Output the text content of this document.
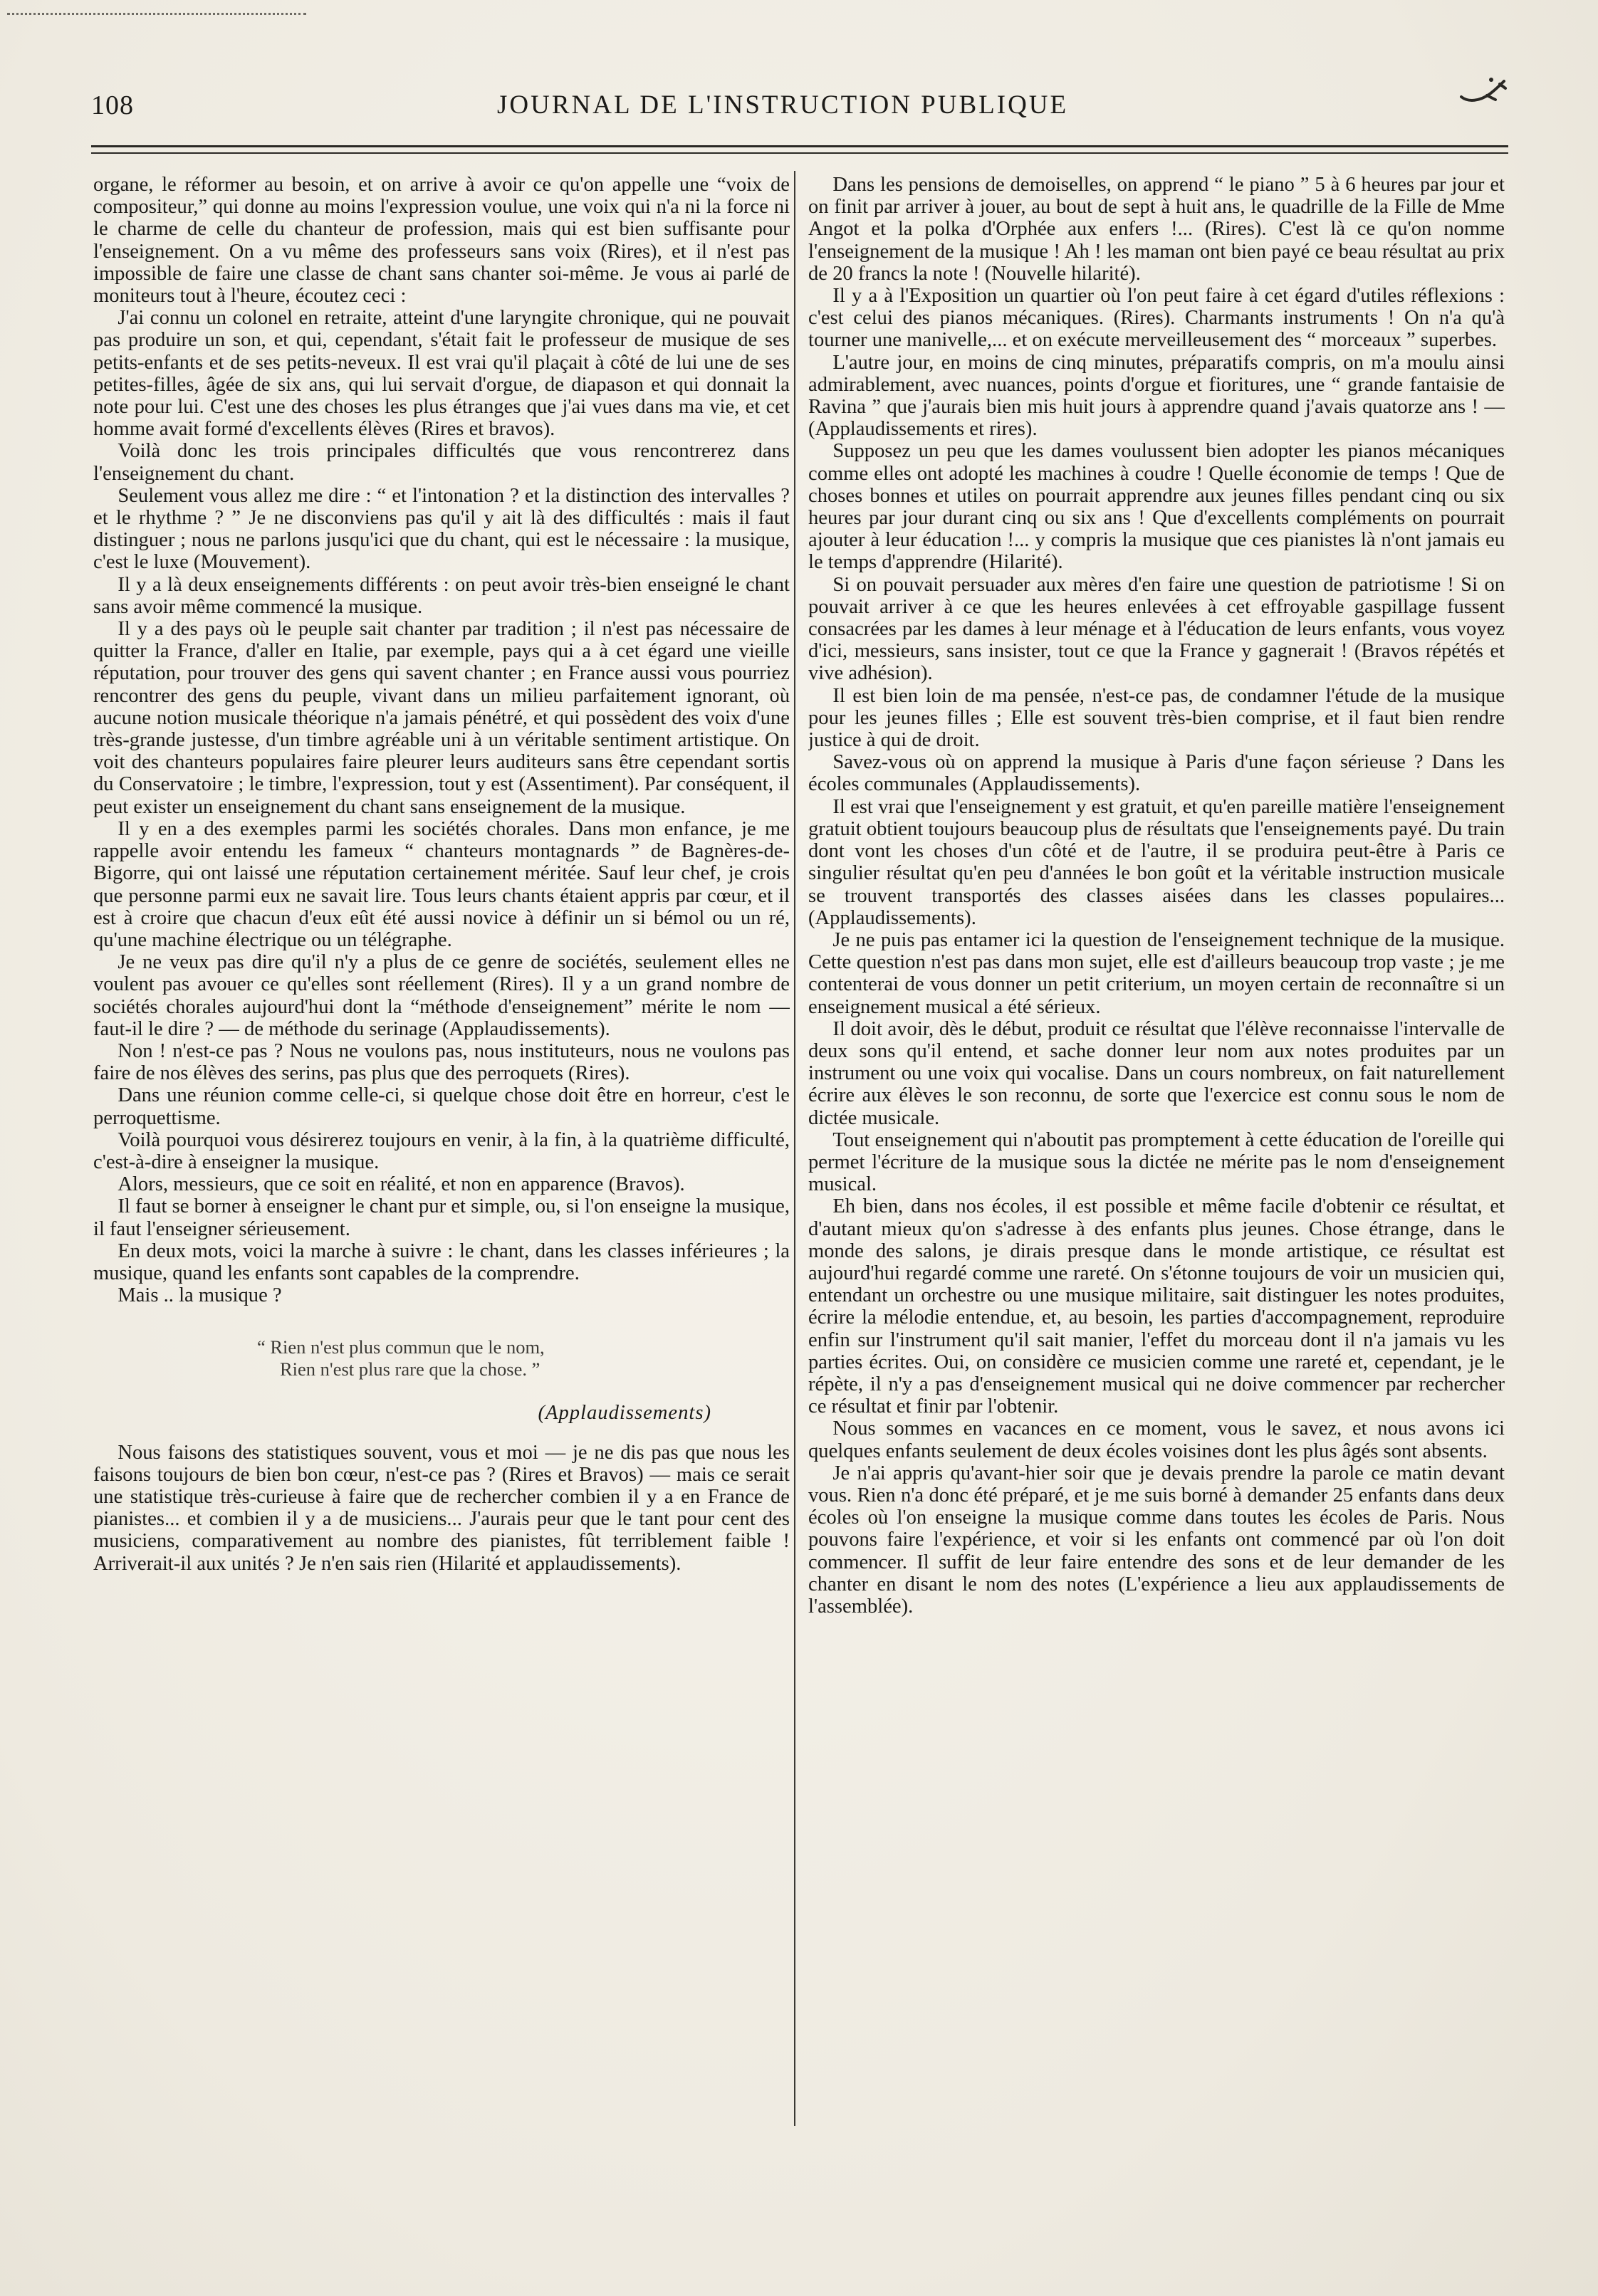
108	JOURNAL DE L'INSTRUCTION PUBLIQUE

organe, le réformer au besoin, et on arrive à avoir ce qu'on appelle une “voix de compositeur,” qui donne au moins l'expression voulue, une voix qui n'a ni la force ni le charme de celle du chanteur de profession, mais qui est bien suffisante pour l'enseignement. On a vu même des professeurs sans voix (Rires), et il n'est pas impossible de faire une classe de chant sans chanter soi-même. Je vous ai parlé de moniteurs tout à l'heure, écoutez ceci :

J'ai connu un colonel en retraite, atteint d'une laryngite chronique, qui ne pouvait pas produire un son, et qui, cependant, s'était fait le professeur de musique de ses petits-enfants et de ses petits-neveux. Il est vrai qu'il plaçait à côté de lui une de ses petites-filles, âgée de six ans, qui lui servait d'orgue, de diapason et qui donnait la note pour lui. C'est une des choses les plus étranges que j'ai vues dans ma vie, et cet homme avait formé d'excellents élèves (Rires et bravos).

Voilà donc les trois principales difficultés que vous rencontrerez dans l'enseignement du chant.

Seulement vous allez me dire : “ et l'intonation ? et la distinction des intervalles ? et le rhythme ? ” Je ne disconviens pas qu'il y ait là des difficultés : mais il faut distinguer ; nous ne parlons jusqu'ici que du chant, qui est le nécessaire : la musique, c'est le luxe (Mouvement).

Il y a là deux enseignements différents : on peut avoir très-bien enseigné le chant sans avoir même commencé la musique.

Il y a des pays où le peuple sait chanter par tradition ; il n'est pas nécessaire de quitter la France, d'aller en Italie, par exemple, pays qui a à cet égard une vieille réputation, pour trouver des gens qui savent chanter ; en France aussi vous pourriez rencontrer des gens du peuple, vivant dans un milieu parfaitement ignorant, où aucune notion musicale théorique n'a jamais pénétré, et qui possèdent des voix d'une très-grande justesse, d'un timbre agréable uni à un véritable sentiment artistique. On voit des chanteurs populaires faire pleurer leurs auditeurs sans être cependant sortis du Conservatoire ; le timbre, l'expression, tout y est (Assentiment). Par conséquent, il peut exister un enseignement du chant sans enseignement de la musique.

Il y en a des exemples parmi les sociétés chorales. Dans mon enfance, je me rappelle avoir entendu les fameux “ chanteurs montagnards ” de Bagnères-de-Bigorre, qui ont laissé une réputation certainement méritée. Sauf leur chef, je crois que personne parmi eux ne savait lire. Tous leurs chants étaient appris par cœur, et il est à croire que chacun d'eux eût été aussi novice à définir un si bémol ou un ré, qu'une machine électrique ou un télégraphe.

Je ne veux pas dire qu'il n'y a plus de ce genre de sociétés, seulement elles ne voulent pas avouer ce qu'elles sont réellement (Rires). Il y a un grand nombre de sociétés chorales aujourd'hui dont la “méthode d'enseignement” mérite le nom — faut-il le dire ? — de méthode du serinage (Applaudissements).

Non ! n'est-ce pas ? Nous ne voulons pas, nous instituteurs, nous ne voulons pas faire de nos élèves des serins, pas plus que des perroquets (Rires).

Dans une réunion comme celle-ci, si quelque chose doit être en horreur, c'est le perroquettisme.

Voilà pourquoi vous désirerez toujours en venir, à la fin, à la quatrième difficulté, c'est-à-dire à enseigner la musique.

Alors, messieurs, que ce soit en réalité, et non en apparence (Bravos).

Il faut se borner à enseigner le chant pur et simple, ou, si l'on enseigne la musique, il faut l'enseigner sérieusement.

En deux mots, voici la marche à suivre : le chant, dans les classes inférieures ; la musique, quand les enfants sont capables de la comprendre.

Mais .. la musique ?

“ Rien n'est plus commun que le nom,
Rien n'est plus rare que la chose. ”
(Applaudissements)

Nous faisons des statistiques souvent, vous et moi — je ne dis pas que nous les faisons toujours de bien bon cœur, n'est-ce pas ? (Rires et Bravos) — mais ce serait une statistique très-curieuse à faire que de rechercher combien il y a en France de pianistes... et combien il y a de musiciens... J'aurais peur que le tant pour cent des musiciens, comparativement au nombre des pianistes, fût terriblement faible ! Arriverait-il aux unités ? Je n'en sais rien (Hilarité et applaudissements).

Dans les pensions de demoiselles, on apprend “ le piano ” 5 à 6 heures par jour et on finit par arriver à jouer, au bout de sept à huit ans, le quadrille de la Fille de Mme Angot et la polka d'Orphée aux enfers !... (Rires). C'est là ce qu'on nomme l'enseignement de la musique ! Ah ! les maman ont bien payé ce beau résultat au prix de 20 francs la note ! (Nouvelle hilarité).

Il y a à l'Exposition un quartier où l'on peut faire à cet égard d'utiles réflexions : c'est celui des pianos mécaniques. (Rires). Charmants instruments ! On n'a qu'à tourner une manivelle,... et on exécute merveilleusement des “ morceaux ” superbes.

L'autre jour, en moins de cinq minutes, préparatifs compris, on m'a moulu ainsi admirablement, avec nuances, points d'orgue et fioritures, une “ grande fantaisie de Ravina ” que j'aurais bien mis huit jours à apprendre quand j'avais quatorze ans ! — (Applaudissements et rires).

Supposez un peu que les dames voulussent bien adopter les pianos mécaniques comme elles ont adopté les machines à coudre ! Quelle économie de temps ! Que de choses bonnes et utiles on pourrait apprendre aux jeunes filles pendant cinq ou six heures par jour durant cinq ou six ans ! Que d'excellents compléments on pourrait ajouter à leur éducation !... y compris la musique que ces pianistes là n'ont jamais eu le temps d'apprendre (Hilarité).

Si on pouvait persuader aux mères d'en faire une question de patriotisme ! Si on pouvait arriver à ce que les heures enlevées à cet effroyable gaspillage fussent consacrées par les dames à leur ménage et à l'éducation de leurs enfants, vous voyez d'ici, messieurs, sans insister, tout ce que la France y gagnerait ! (Bravos répétés et vive adhésion).

Il est bien loin de ma pensée, n'est-ce pas, de condamner l'étude de la musique pour les jeunes filles ; Elle est souvent très-bien comprise, et il faut bien rendre justice à qui de droit.

Savez-vous où on apprend la musique à Paris d'une façon sérieuse ? Dans les écoles communales (Applaudissements).

Il est vrai que l'enseignement y est gratuit, et qu'en pareille matière l'enseignement gratuit obtient toujours beaucoup plus de résultats que l'enseignements payé. Du train dont vont les choses d'un côté et de l'autre, il se produira peut-être à Paris ce singulier résultat qu'en peu d'années le bon goût et la véritable instruction musicale se trouvent transportés des classes aisées dans les classes populaires... (Applaudissements).

Je ne puis pas entamer ici la question de l'enseignement technique de la musique. Cette question n'est pas dans mon sujet, elle est d'ailleurs beaucoup trop vaste ; je me contenterai de vous donner un petit criterium, un moyen certain de reconnaître si un enseignement musical a été sérieux.

Il doit avoir, dès le début, produit ce résultat que l'élève reconnaisse l'intervalle de deux sons qu'il entend, et sache donner leur nom aux notes produites par un instrument ou une voix qui vocalise. Dans un cours nombreux, on fait naturellement écrire aux élèves le son reconnu, de sorte que l'exercice est connu sous le nom de dictée musicale.

Tout enseignement qui n'aboutit pas promptement à cette éducation de l'oreille qui permet l'écriture de la musique sous la dictée ne mérite pas le nom d'enseignement musical.

Eh bien, dans nos écoles, il est possible et même facile d'obtenir ce résultat, et d'autant mieux qu'on s'adresse à des enfants plus jeunes. Chose étrange, dans le monde des salons, je dirais presque dans le monde artistique, ce résultat est aujourd'hui regardé comme une rareté. On s'étonne toujours de voir un musicien qui, entendant un orchestre ou une musique militaire, sait distinguer les notes produites, écrire la mélodie entendue, et, au besoin, les parties d'accompagnement, reproduire enfin sur l'instrument qu'il sait manier, l'effet du morceau dont il n'a jamais vu les parties écrites. Oui, on considère ce musicien comme une rareté et, cependant, je le répète, il n'y a pas d'enseignement musical qui ne doive commencer par rechercher ce résultat et finir par l'obtenir.

Nous sommes en vacances en ce moment, vous le savez, et nous avons ici quelques enfants seulement de deux écoles voisines dont les plus âgés sont absents.

Je n'ai appris qu'avant-hier soir que je devais prendre la parole ce matin devant vous. Rien n'a donc été préparé, et je me suis borné à demander 25 enfants dans deux écoles où l'on enseigne la musique comme dans toutes les écoles de Paris. Nous pouvons faire l'expérience, et voir si les enfants ont commencé par où l'on doit commencer. Il suffit de leur faire entendre des sons et de leur demander de les chanter en disant le nom des notes (L'expérience a lieu aux applaudissements de l'assemblée).
